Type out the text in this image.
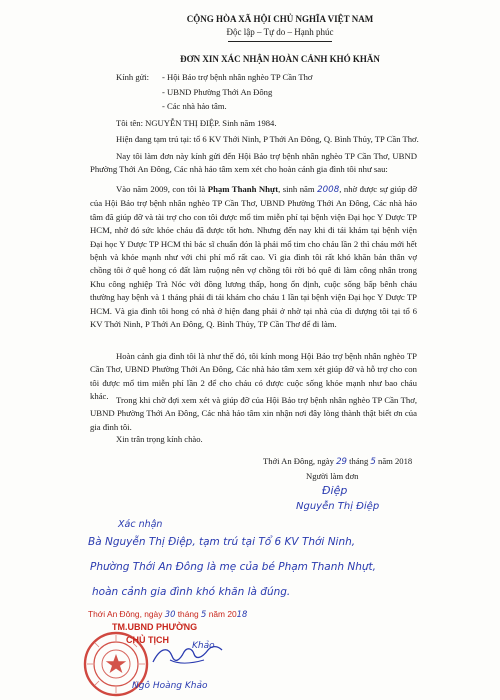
CỘNG HÒA XÃ HỘI CHỦ NGHĨA VIỆT NAM
Độc lập – Tự do – Hạnh phúc
ĐƠN XIN XÁC NHẬN HOÀN CẢNH KHÓ KHĂN
Kính gửi: - Hội Bảo trợ bệnh nhân nghèo TP Cần Thơ
- UBND Phường Thới An Đông
- Các nhà hảo tâm.
Tôi tên: NGUYỄN THỊ ĐIỆP. Sinh năm 1984.
Hiện đang tạm trú tại: tổ 6 KV Thới Ninh, P Thới An Đông, Q. Bình Thủy, TP Cần Thơ.
Nay tôi làm đơn này kính gửi đến Hội Bảo trợ bệnh nhân nghèo TP Cần Thơ, UBND Phường Thới An Đông, Các nhà hảo tâm xem xét cho hoàn cảnh gia đình tôi như sau:
Vào năm 2009, con tôi là Phạm Thanh Nhựt, sinh năm 2008, nhờ được sự giúp đỡ của Hội Bảo trợ bệnh nhân nghèo TP Cần Thơ, UBND Phường Thới An Đông, Các nhà hảo tâm đã giúp đỡ và tài trợ cho con tôi được mổ tim miễn phí tại bệnh viện Đại học Y Dược TP HCM, nhờ đó sức khỏe cháu đã được tốt hơn. Nhưng đến nay khi đi tái khám tại bệnh viện Đại học Y Dược TP HCM thì bác sĩ chuẩn đón là phải mổ tim cho cháu lần 2 thì cháu mới hết bệnh và khỏe mạnh như với chi phí mổ rất cao. Vì gia đình tôi rất khó khăn bản thân vợ chồng tôi ở quê hong có đất làm ruộng nên vợ chồng tôi rời bỏ quê đi làm công nhân trong Khu công nghiệp Trà Nóc với đồng lương thấp, hong ổn định, cuộc sống bấp bênh cháu thường hay bệnh và 1 tháng phải đi tái khám cho cháu 1 lần tại bệnh viện Đại học Y Dược TP HCM. Và gia đình tôi hong có nhà ở hiện đang phải ở nhờ tại nhà của dì dượng tôi tại tổ 6 KV Thới Ninh, P Thới An Đông, Q. Bình Thủy, TP Cần Thơ để đi làm.
Hoàn cảnh gia đình tôi là như thế đó, tôi kính mong Hội Bảo trợ bệnh nhân nghèo TP Cần Thơ, UBND Phường Thới An Đông, Các nhà hảo tâm xem xét giúp đỡ và hỗ trợ cho con tôi được mổ tim miễn phí lần 2 để cho cháu có được cuộc sống khỏe mạnh như bao cháu khác. Trong khi chờ đợi xem xét và giúp đỡ của Hội Bảo trợ bệnh nhân nghèo TP Cần Thơ, UBND Phường Thới An Đông, Các nhà hảo tâm xin nhận nơi đây lòng thành thật biết ơn của gia đình tôi.
Xin trân trọng kính chào.
Thới An Đông, ngày 29 tháng 5 năm 2018
Người làm đơn
Điệp
Nguyễn Thị Điệp
Xác nhận
Bà Nguyễn Thị Điệp, tạm trú tại Tổ 6 KV Thới Ninh,
Phường Thới An Đông là mẹ của bé Phạm Thanh Nhựt,
hoàn cảnh gia đình khó khăn là đúng.
Thới An Đông, ngày 30 tháng 5 năm 2018
TM.UBND PHƯỜNG
CHỦ TỊCH
Khảo
Ngô Hoàng Khảo
